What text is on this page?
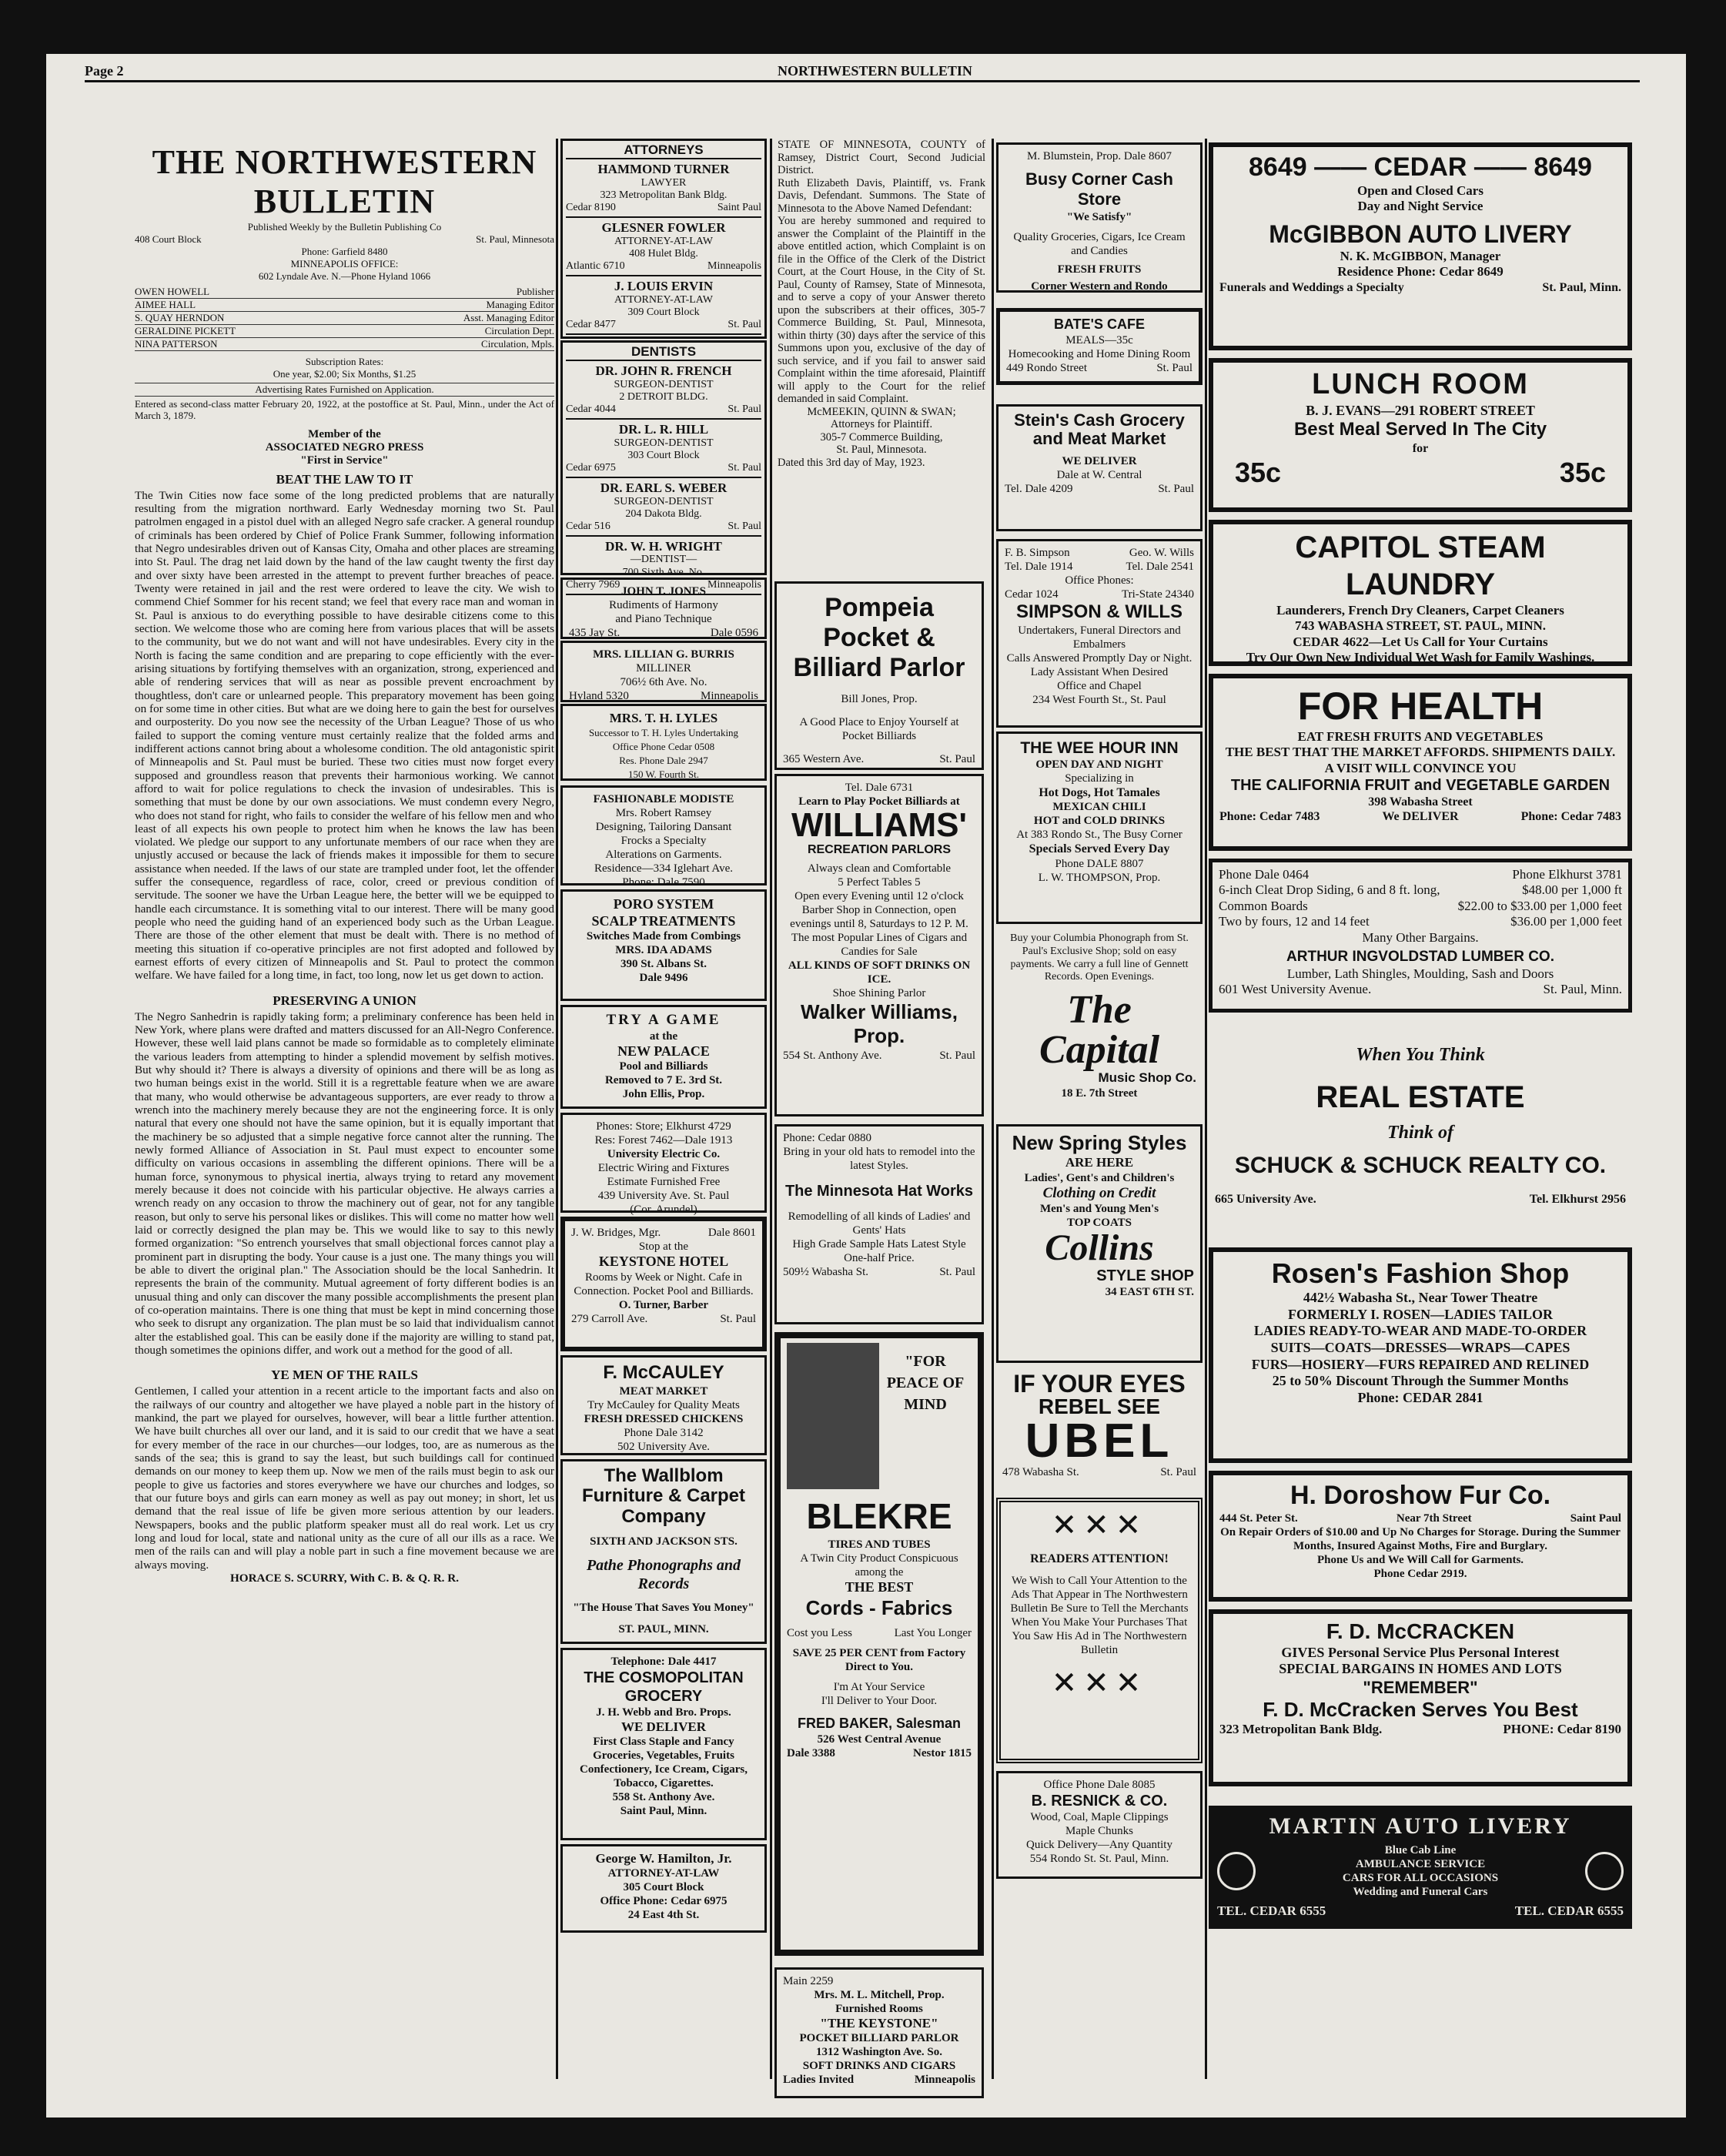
Page 2	NORTHWESTERN BULLETIN
THE NORTHWESTERN BULLETIN
Published Weekly by the Bulletin Publishing Co
408 Court Block	St. Paul, Minnesota
Phone: Garfield 8480
MINNEAPOLIS OFFICE:
602 Lyndale Ave. N.—Phone Hyland 1066
OWEN HOWELL	Publisher
AIMEE HALL	Managing Editor
S. QUAY HERNDON	Asst. Managing Editor
GERALDINE PICKETT	Circulation Dept.
NINA PATTERSON	Circulation, Mpls.
Subscription Rates:
One year, $2.00; Six Months, $1.25
Advertising Rates Furnished on Application.
Entered as second-class matter February 20, 1922, at the postoffice at St. Paul, Minn., under the Act of March 3, 1879.
Member of the
ASSOCIATED NEGRO PRESS
"First in Service"
BEAT THE LAW TO IT
The Twin Cities now face some of the long predicted problems that are naturally resulting from the migration northward. Early Wednesday morning two St. Paul patrolmen engaged in a pistol duel with an alleged Negro safe cracker. A general roundup of criminals has been ordered by Chief of Police Frank Summer, following information that Negro undesirables driven out of Kansas City, Omaha and other places are streaming into St. Paul. The drag net laid down by the hand of the law caught twenty the first day and over sixty have been arrested in the attempt to prevent further breaches of peace. Twenty were retained in jail and the rest were ordered to leave the city. We wish to commend Chief Sommer for his recent stand; we feel that every race man and woman in St. Paul is anxious to do everything possible to have desirable citizens come to this section. We welcome those who are coming here from various places that will be assets to the community, but we do not want and will not have undesirables. Every city in the North is facing the same condition and are preparing to cope efficiently with the ever-arising situations by fortifying themselves with an organization, strong, experienced and able of rendering services that will as near as possible prevent encroachment by thoughtless, don't care or unlearned people. This preparatory movement has been going on for some time in other cities. But what are we doing here to gain the best for ourselves and ourposterity. Do you now see the necessity of the Urban League? Those of us who failed to support the coming venture must certainly realize that the folded arms and indifferent actions cannot bring about a wholesome condition. The old antagonistic spirit of Minneapolis and St. Paul must be buried. These two cities must now forget every supposed and groundless reason that prevents their harmonious working. We cannot afford to wait for police regulations to check the invasion of undesirables. This is something that must be done by our own associations. We must condemn every Negro, who does not stand for right, who fails to consider the welfare of his fellow men and who least of all expects his own people to protect him when he knows the law has been violated. We pledge our support to any unfortunate members of our race when they are unjustly accused or because the lack of friends makes it impossible for them to secure assistance when needed. If the laws of our state are trampled under foot, let the offender suffer the consequence, regardless of race, color, creed or previous condition of servitude. The sooner we have the Urban League here, the better will we be equipped to handle each circumstance. It is something vital to our interest. There will be many good people who need the guiding hand of an experienced body such as the Urban League. There are those of the other element that must be dealt with. There is no method of meeting this situation if co-operative principles are not first adopted and followed by earnest efforts of every citizen of Minneapolis and St. Paul to protect the common welfare. We have failed for a long time, in fact, too long, now let us get down to action.
PRESERVING A UNION
The Negro Sanhedrin is rapidly taking form; a preliminary conference has been held in New York, where plans were drafted and matters discussed for an All-Negro Conference. However, these well laid plans cannot be made so formidable as to completely eliminate the various leaders from attempting to hinder a splendid movement by selfish motives. But why should it? There is always a diversity of opinions and there will be as long as two human beings exist in the world. Still it is a regrettable feature when we are aware that many, who would otherwise be advantageous supporters, are ever ready to throw a wrench into the machinery merely because they are not the engineering force. It is only natural that every one should not have the same opinion, but it is equally important that the machinery be so adjusted that a simple negative force cannot alter the running. The newly formed Alliance of Association in St. Paul must expect to encounter some difficulty on various occasions in assembling the different opinions. There will be a human force, synonymous to physical inertia, always trying to retard any movement merely because it does not coincide with his particular objective. He always carries a wrench ready on any occasion to throw the machinery out of gear, not for any tangible reason, but only to serve his personal likes or dislikes. This will come no matter how well laid or correctly designed the plan may be. This we would like to say to this newly formed organization: "So entrench yourselves that small objectional forces cannot play a prominent part in disrupting the body. Your cause is a just one. The many things you will be able to divert the original plan." The Association should be the local Sanhedrin. It represents the brain of the community. Mutual agreement of forty different bodies is an unusual thing and only can discover the many possible accomplishments the present plan of co-operation maintains. There is one thing that must be kept in mind concerning those who seek to disrupt any organization. The plan must be so laid that individualism cannot alter the established goal. This can be easily done if the majority are willing to stand pat, though sometimes the opinions differ, and work out a method for the good of all.
YE MEN OF THE RAILS
Gentlemen, I called your attention in a recent article to the important facts and also on the railways of our country and altogether we have played a noble part in the history of mankind, the part we played for ourselves, however, will bear a little further attention. We have built churches all over our land, and it is said to our credit that we have a seat for every member of the race in our churches—our lodges, too, are as numerous as the sands of the sea; this is grand to say the least, but such buildings call for continued demands on our money to keep them up. Now we men of the rails must begin to ask our people to give us factories and stores everywhere we have our churches and lodges, so that our future boys and girls can earn money as well as pay out money; in short, let us demand that the real issue of life be given more serious attention by our leaders. Newspapers, books and the public platform speaker must all do real work. Let us cry long and loud for local, state and national unity as the cure of all our ills as a race. We men of the rails can and will play a noble part in such a fine movement because we are always moving.
HORACE S. SCURRY, With C. B. & Q. R. R.
ATTORNEYS
HAMMOND TURNER
LAWYER
323 Metropolitan Bank Bldg.
Cedar 8190	Saint Paul
GLESNER FOWLER
ATTORNEY-AT-LAW
408 Hulet Bldg.
Atlantic 6710	Minneapolis
J. LOUIS ERVIN
ATTORNEY-AT-LAW
309 Court Block
Cedar 8477	St. Paul
DENTISTS
DR. JOHN R. FRENCH
SURGEON-DENTIST
2 DETROIT BLDG.
Cedar 4044	St. Paul
DR. L. R. HILL
SURGEON-DENTIST
303 Court Block
Cedar 6975	St. Paul
DR. EARL S. WEBER
SURGEON-DENTIST
204 Dakota Bldg.
Cedar 516	St. Paul
DR. W. H. WRIGHT
—DENTIST—
700 Sixth Ave. No.
Cherry 7969	Minneapolis
JOHN T. JONES
Rudiments of Harmony
and Piano Technique
435 Jay St.	Dale 0596
MRS. LILLIAN G. BURRIS
MILLINER
706½ 6th Ave. No.
Hyland 5320	Minneapolis
MRS. T. H. LYLES
Successor to T. H. Lyles Undertaking
Office Phone Cedar 0508
Res. Phone Dale 2947
150 W. Fourth St.
FASHIONABLE MODISTE
Mrs. Robert Ramsey
Designing, Tailoring Dansant
Frocks a Specialty
Alterations on Garments.
Residence—334 Iglehart Ave.
Phone: Dale 7590
PORO SYSTEM
SCALP TREATMENTS
Switches Made from Combings
MRS. IDA ADAMS
390 St. Albans St.
Dale 9496
TRY A GAME
at the
NEW PALACE
Pool and Billiards
Removed to 7 E. 3rd St.
John Ellis, Prop.
Phones: Store; Elkhurst 4729
Res: Forest 7462—Dale 1913

University Electric Co.
Electric Wiring and Fixtures
Estimate Furnished Free
439 University Ave. St. Paul
(Cor. Arundel)
J. W. Bridges, Mgr.	Dale 8601
Stop at the
KEYSTONE HOTEL
Rooms by Week or Night. Cafe in Connection. Pocket Pool and Billiards.
O. Turner, Barber
279 Carroll Ave.	St. Paul
F. McCAULEY
MEAT MARKET
Try McCauley for Quality Meats
FRESH DRESSED CHICKENS
Phone Dale 3142
502 University Ave.
The Wallblom Furniture & Carpet Company
SIXTH AND JACKSON STS.
Pathe Phonographs and Records
"The House That Saves You Money"
ST. PAUL, MINN.
Telephone: Dale 4417
THE COSMOPOLITAN GROCERY
J. H. Webb and Bro. Props.
WE DELIVER
First Class Staple and Fancy Groceries, Vegetables, Fruits Confectionery, Ice Cream, Cigars, Tobacco, Cigarettes.
558 St. Anthony Ave.
Saint Paul, Minn.
George W. Hamilton, Jr.
ATTORNEY-AT-LAW
305 Court Block
Office Phone: Cedar 6975
24 East 4th St.
STATE OF MINNESOTA, COUNTY of Ramsey, District Court, Second Judicial District.
Ruth Elizabeth Davis, Plaintiff, vs. Frank Davis, Defendant. Summons. The State of Minnesota to the Above Named Defendant:
You are hereby summoned and required to answer the Complaint of the Plaintiff in the above entitled action, which Complaint is on file in the Office of the Clerk of the District Court, at the Court House, in the City of St. Paul, County of Ramsey, State of Minnesota, and to serve a copy of your Answer thereto upon the subscribers at their offices, 305-7 Commerce Building, St. Paul, Minnesota, within thirty (30) days after the service of this Summons upon you, exclusive of the day of such service, and if you fail to answer said Complaint within the time aforesaid, Plaintiff will apply to the Court for the relief demanded in said Complaint.
McMEEKIN, QUINN & SWAN;
Attorneys for Plaintiff.
305-7 Commerce Building,
St. Paul, Minnesota.
Dated this 3rd day of May, 1923.
Pompeia Pocket & Billiard Parlor
Bill Jones, Prop.
A Good Place to Enjoy Yourself at Pocket Billiards
365 Western Ave.	St. Paul
Tel. Dale 6731
Learn to Play Pocket Billiards at
WILLIAMS'
RECREATION PARLORS
Always clean and Comfortable
5 Perfect Tables 5
Open every Evening until 12 o'clock
Barber Shop in Connection, open evenings until 8, Saturdays to 12 P. M.
The most Popular Lines of Cigars and Candies for Sale
ALL KINDS OF SOFT DRINKS ON ICE.
Shoe Shining Parlor
Walker Williams, Prop.
554 St. Anthony Ave.	St. Paul
Phone: Cedar 0880
Bring in your old hats to remodel into the latest Styles.
The Minnesota Hat Works
Remodelling of all kinds of Ladies' and Gents' Hats
High Grade Sample Hats Latest Style One-half Price.
509½ Wabasha St.	St. Paul
"FOR PEACE OF MIND
BLEKRE
TIRES AND TUBES
A Twin City Product Conspicuous among the
THE BEST
Cords - Fabrics
Cost you Less	Last You Longer
SAVE 25 PER CENT from Factory Direct to You.
I'm At Your Service
I'll Deliver to Your Door.
FRED BAKER, Salesman
526 West Central Avenue
Dale 3388	Nestor 1815
Main 2259
Mrs. M. L. Mitchell, Prop.
Furnished Rooms
"THE KEYSTONE"
POCKET BILLIARD PARLOR
1312 Washington Ave. So.
SOFT DRINKS AND CIGARS
Ladies Invited	Minneapolis
M. Blumstein, Prop. Dale 8607
Busy Corner Cash Store
"We Satisfy"
Quality Groceries, Cigars, Ice Cream and Candies
FRESH FRUITS
Corner Western and Rondo
BATE'S CAFE
MEALS—35c
Homecooking and Home Dining Room
449 Rondo Street	St. Paul
Stein's Cash Grocery and Meat Market
WE DELIVER
Dale at W. Central
Tel. Dale 4209	St. Paul
F. B. Simpson	Geo. W. Wills
Tel. Dale 1914	Tel. Dale 2541
Office Phones:
Cedar 1024	Tri-State 24340
SIMPSON & WILLS
Undertakers, Funeral Directors and Embalmers
Calls Answered Promptly Day or Night.
Lady Assistant When Desired
Office and Chapel
234 West Fourth St., St. Paul
THE WEE HOUR INN
OPEN DAY AND NIGHT
Specializing in
Hot Dogs, Hot Tamales
MEXICAN CHILI
HOT and COLD DRINKS
At 383 Rondo St., The Busy Corner
Specials Served Every Day
Phone DALE 8807
L. W. THOMPSON, Prop.
Buy your Columbia Phonograph from St. Paul's Exclusive Shop; sold on easy payments. We carry a full line of Gennett Records. Open Evenings.
The Capital
Music Shop Co.
18 E. 7th Street
New Spring Styles
ARE HERE
Ladies', Gent's and Children's
Clothing on Credit
Men's and Young Men's
TOP COATS
Collins
STYLE SHOP
34 EAST 6TH ST.
IF YOUR EYES
REBEL SEE
UBEL
478 Wabasha St.	St. Paul
✕✕✕
READERS ATTENTION!
We Wish to Call Your Attention to the Ads That Appear in The Northwestern Bulletin Be Sure to Tell the Merchants When You Make Your Purchases That You Saw His Ad in The Northwestern Bulletin
✕✕✕
Office Phone Dale 8085
B. RESNICK & CO.
Wood, Coal, Maple Clippings
Maple Chunks
Quick Delivery—Any Quantity
554 Rondo St. St. Paul, Minn.
8649 —— CEDAR —— 8649
Open and Closed Cars
Day and Night Service
McGIBBON AUTO LIVERY
N. K. McGIBBON, Manager
Residence Phone: Cedar 8649
Funerals and Weddings a Specialty	St. Paul, Minn.
LUNCH ROOM
B. J. EVANS—291 ROBERT STREET
Best Meal Served In The City
for
35c	35c
CAPITOL STEAM LAUNDRY
Launderers, French Dry Cleaners, Carpet Cleaners
743 WABASHA STREET, ST. PAUL, MINN.
CEDAR 4622—Let Us Call for Your Curtains
Try Our Own New Individual Wet Wash for Family Washings.
FOR HEALTH
EAT FRESH FRUITS AND VEGETABLES
THE BEST THAT THE MARKET AFFORDS. SHIPMENTS DAILY.
A VISIT WILL CONVINCE YOU
THE CALIFORNIA FRUIT and VEGETABLE GARDEN
398 Wabasha Street
Phone: Cedar 7483	We DELIVER	Phone: Cedar 7483
Phone Dale 0464	Phone Elkhurst 3781
6-inch Cleat Drop Siding, 6 and 8 ft. long,	$48.00 per 1,000 ft
Common Boards	$22.00 to $33.00 per 1,000 feet
Two by fours, 12 and 14 feet	$36.00 per 1,000 feet
Many Other Bargains.
ARTHUR INGVOLDSTAD LUMBER CO.
Lumber, Lath Shingles, Moulding, Sash and Doors
601 West University Avenue.	St. Paul, Minn.
When You Think
REAL ESTATE
Think of
SCHUCK & SCHUCK REALTY CO.
665 University Ave.	Tel. Elkhurst 2956
Rosen's Fashion Shop
442½ Wabasha St., Near Tower Theatre
FORMERLY I. ROSEN—LADIES TAILOR
LADIES READY-TO-WEAR AND MADE-TO-ORDER
SUITS—COATS—DRESSES—WRAPS—CAPES
FURS—HOSIERY—FURS REPAIRED AND RELINED
25 to 50% Discount Through the Summer Months
Phone: CEDAR 2841
H. Doroshow Fur Co.
444 St. Peter St.	Near 7th Street	Saint Paul
On Repair Orders of $10.00 and Up No Charges for Storage. During the Summer Months, Insured Against Moths, Fire and Burglary.
Phone Us and We Will Call for Garments.
Phone Cedar 2919.
F. D. McCRACKEN
GIVES Personal Service Plus Personal Interest
SPECIAL BARGAINS IN HOMES AND LOTS
"REMEMBER"
F. D. McCracken Serves You Best
323 Metropolitan Bank Bldg.	PHONE: Cedar 8190
MARTIN AUTO LIVERY
Blue Cab Line
AMBULANCE SERVICE
CARS FOR ALL OCCASIONS
Wedding and Funeral Cars
TEL. CEDAR 6555	TEL. CEDAR 6555
